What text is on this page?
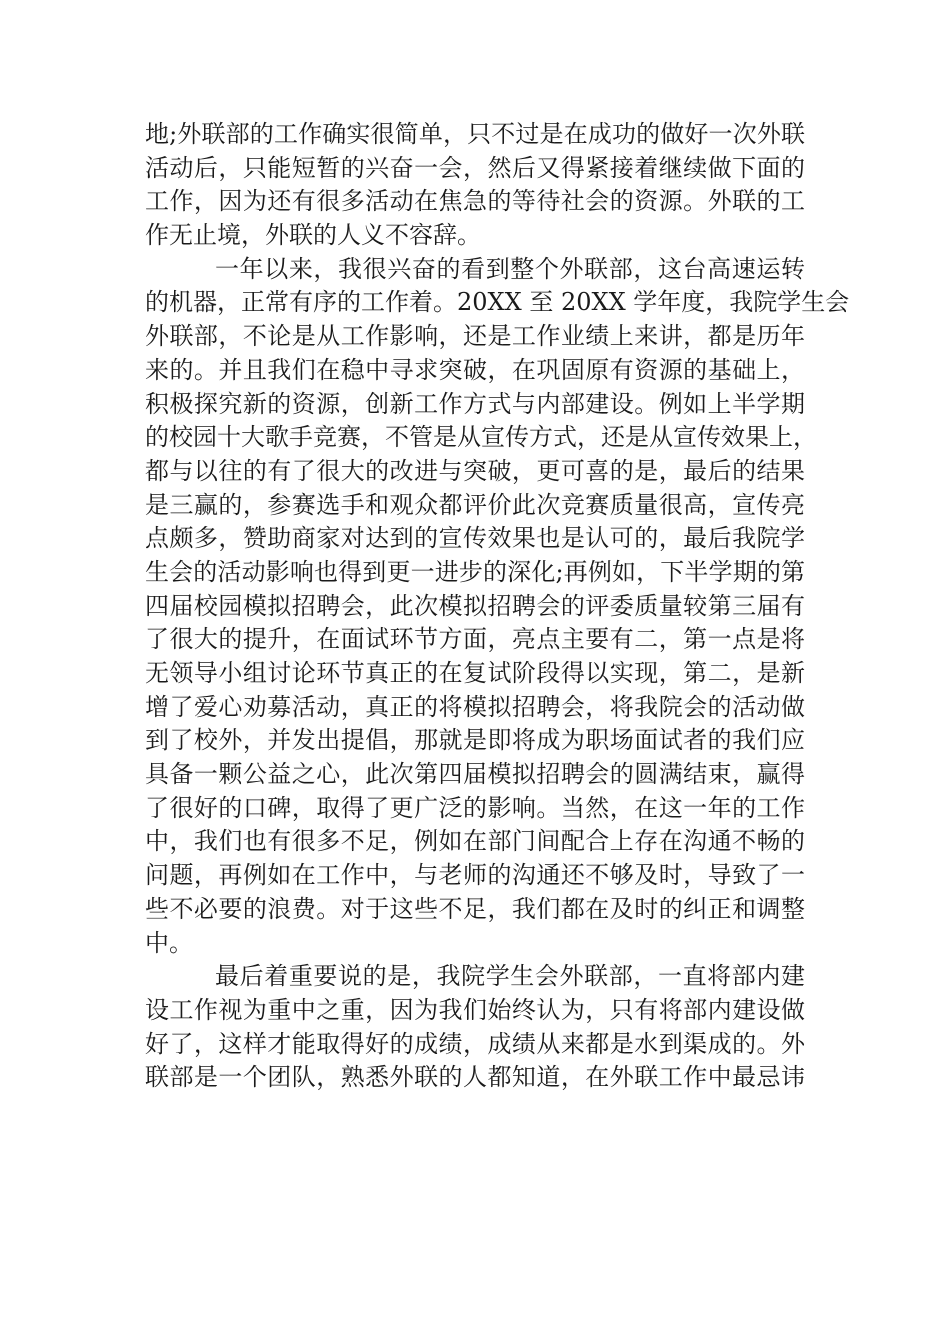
地;外联部的工作确实很简单，只不过是在成功的做好一次外联
活动后，只能短暂的兴奋一会，然后又得紧接着继续做下面的
工作，因为还有很多活动在焦急的等待社会的资源。外联的工
作无止境，外联的人义不容辞。
一年以来，我很兴奋的看到整个外联部，这台高速运转
的机器，正常有序的工作着。20XX 至 20XX 学年度，我院学生会
外联部，不论是从工作影响，还是工作业绩上来讲，都是历年
来的。并且我们在稳中寻求突破，在巩固原有资源的基础上，
积极探究新的资源，创新工作方式与内部建设。例如上半学期
的校园十大歌手竞赛，不管是从宣传方式，还是从宣传效果上，
都与以往的有了很大的改进与突破，更可喜的是，最后的结果
是三赢的，参赛选手和观众都评价此次竞赛质量很高，宣传亮
点颇多，赞助商家对达到的宣传效果也是认可的，最后我院学
生会的活动影响也得到更一进步的深化;再例如，下半学期的第
四届校园模拟招聘会，此次模拟招聘会的评委质量较第三届有
了很大的提升，在面试环节方面，亮点主要有二，第一点是将
无领导小组讨论环节真正的在复试阶段得以实现，第二，是新
增了爱心劝募活动，真正的将模拟招聘会，将我院会的活动做
到了校外，并发出提倡，那就是即将成为职场面试者的我们应
具备一颗公益之心，此次第四届模拟招聘会的圆满结束，赢得
了很好的口碑，取得了更广泛的影响。当然，在这一年的工作
中，我们也有很多不足，例如在部门间配合上存在沟通不畅的
问题，再例如在工作中，与老师的沟通还不够及时，导致了一
些不必要的浪费。对于这些不足，我们都在及时的纠正和调整
中。
最后着重要说的是，我院学生会外联部，一直将部内建
设工作视为重中之重，因为我们始终认为，只有将部内建设做
好了，这样才能取得好的成绩，成绩从来都是水到渠成的。外
联部是一个团队，熟悉外联的人都知道，在外联工作中最忌讳
